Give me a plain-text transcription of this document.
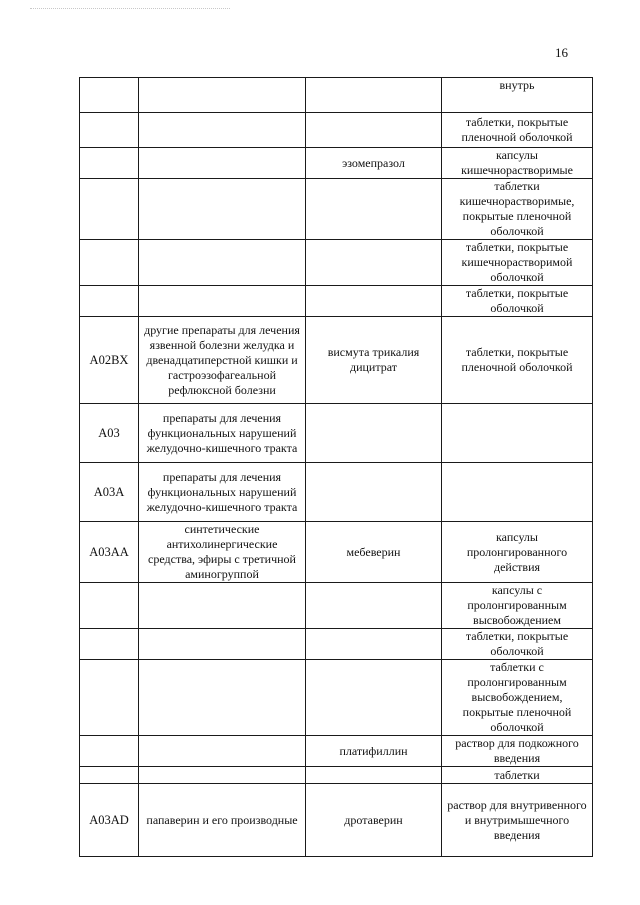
16
			внутрь
			таблетки, покрытые пленочной оболочкой
		эзомепразол	капсулы кишечнорастворимые
			таблетки кишечнорастворимые, покрытые пленочной оболочкой
			таблетки, покрытые кишечнорастворимой оболочкой
			таблетки, покрытые оболочкой
A02BX	другие препараты для лечения язвенной болезни желудка и двенадцатиперстной кишки и гастроэзофагеальной рефлюксной болезни	висмута трикалия дицитрат	таблетки, покрытые пленочной оболочкой
A03	препараты для лечения функциональных нарушений желудочно-кишечного тракта		
A03A	препараты для лечения функциональных нарушений желудочно-кишечного тракта		
A03AA	синтетические антихолинергические средства, эфиры с третичной аминогруппой	мебеверин	капсулы пролонгированного действия
			капсулы с пролонгированным высвобождением
			таблетки, покрытые оболочкой
			таблетки с пролонгированным высвобождением, покрытые пленочной оболочкой
		платифиллин	раствор для подкожного введения
			таблетки
A03AD	папаверин и его производные	дротаверин	раствор для внутривенного и внутримышечного введения
